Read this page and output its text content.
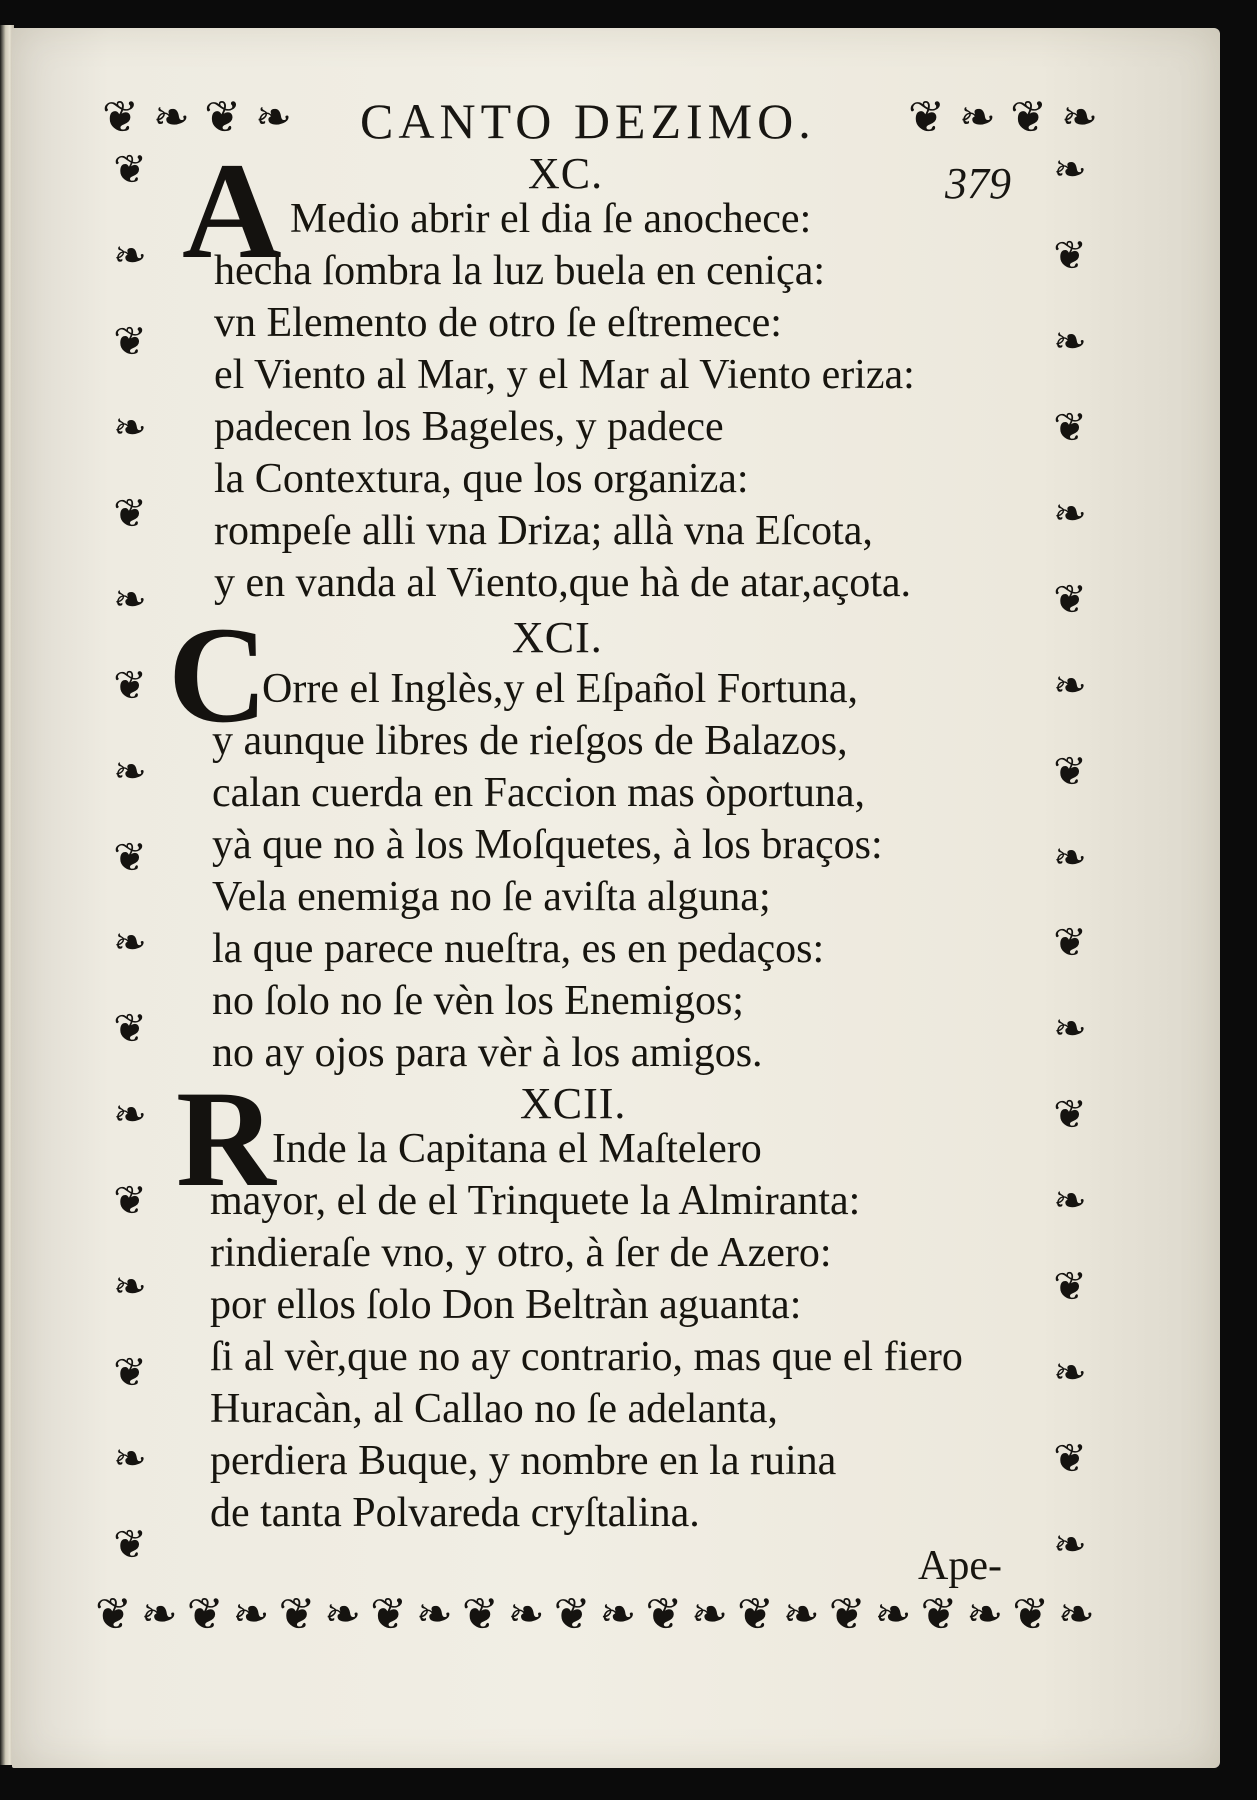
❦ ❧ ❦ ❧	❦ ❧ ❦ ❧
❦
❧
❦
❧
❦
❧
❦
❧
❦
❧
❦
❧
❦
❧
❦
❧
❦
❧
❦
❧
❦
❧
❦
❧
❦
❧
❦
❧
❦
❧
❦
❧
❦
❧
❦ ❧ ❦ ❧ ❦ ❧ ❦ ❧ ❦ ❧ ❦ ❧ ❦ ❧ ❦ ❧ ❦ ❧ ❦ ❧ ❦ ❧
CANTO DEZIMO.
379
XC.
A Medio abrir el dia ſe anochece:
hecha ſombra la luz buela en ceniça:
vn Elemento de otro ſe eſtremece:
el Viento al Mar, y el Mar al Viento eriza:
padecen los Bageles, y padece
la Contextura, que los organiza:
rompeſe alli vna Driza; allà vna Eſcota,
y en vanda al Viento,que hà de atar,açota.
XCI.
C
Orre el Inglès,y el Eſpañol Fortuna,
y aunque libres de rieſgos de Balazos,
calan cuerda en Faccion mas òportuna,
yà que no à los Moſquetes, à los braços:
Vela enemiga no ſe aviſta alguna;
la que parece nueſtra, es en pedaços:
no ſolo no ſe vèn los Enemigos;
no ay ojos para vèr à los amigos.
XCII.
R
Inde la Capitana el Maſtelero
mayor, el de el Trinquete la Almiranta:
rindieraſe vno, y otro, à ſer de Azero:
por ellos ſolo Don Beltràn aguanta:
ſi al vèr,que no ay contrario, mas que el fiero
Huracàn, al Callao no ſe adelanta,
perdiera Buque, y nombre en la ruina
de tanta Polvareda cryſtalina.
Ape-
